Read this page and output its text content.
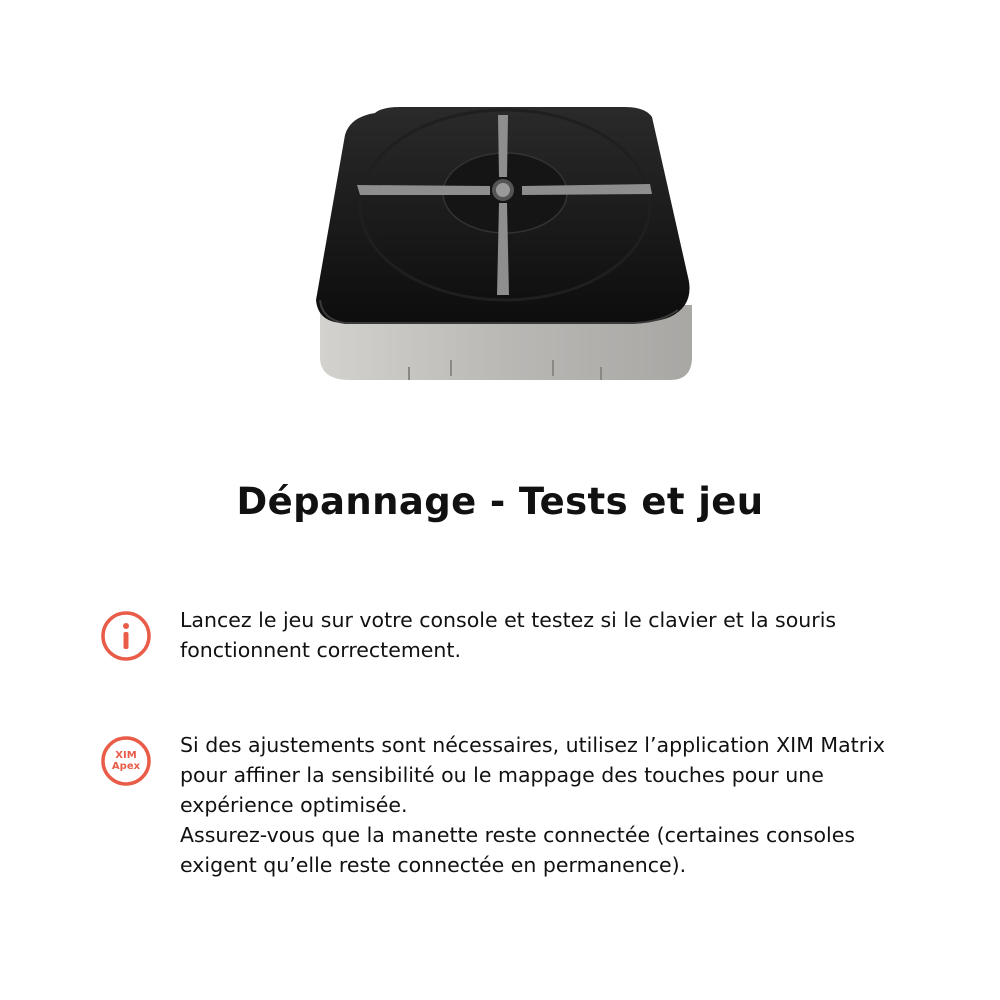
Dépannage - Tests et jeu

Lancez le jeu sur votre console et testez si le clavier et la souris fonctionnent correctement.

XIM
Apex

Si des ajustements sont nécessaires, utilisez l’application XIM Matrix pour affiner la sensibilité ou le mappage des touches pour une expérience optimisée.
Assurez-vous que la manette reste connectée (certaines consoles exigent qu’elle reste connectée en permanence).
